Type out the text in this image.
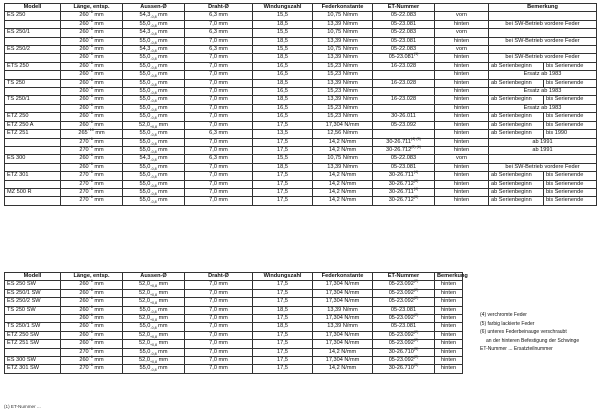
Modell	Länge, entsp.	Aussen-Ø	Draht-Ø	Windungszahl	Federkonstante	ET-Nummer		Bemerkung	
ES 250	$260^{+6}$ mm	$54,3_{-0,8}$ mm	6,3 mm	15,5	10,75 N/mm	05-22.083	vorn		
	$260^{+6}$ mm	$55,0_{-0,8}$ mm	7,0 mm	18,5	13,39 N/mm	05-23.081	hinten	bei SW-Betrieb vordere Feder	
ES 250/1	$260^{+6}$ mm	$54,3_{-0,8}$ mm	6,3 mm	15,5	10,75 N/mm	05-22.083	vorn		
	$260^{+6}$ mm	$55,0_{-0,8}$ mm	7,0 mm	18,5	13,39 N/mm	05-23.081	hinten	bei SW-Betrieb vordere Feder	
ES 250/2	$260^{+6}$ mm	$54,3_{-0,8}$ mm	6,3 mm	15,5	10,75 N/mm	05-22.083	vorn		
	$260^{+6}$ mm	$55,0_{-0,8}$ mm	7,0 mm	18,5	13,39 N/mm	05-23.081$^{(1)}$	hinten	bei SW-Betrieb vordere Feder	
ETS 250	$260^{+6}$ mm	$55,0_{-0,8}$ mm	7,0 mm	16,5	15,23 N/mm	16-23.028	hinten	ab Serienbeginn	bis Serienende
	$260^{+6}$ mm	$55,0_{-0,8}$ mm	7,0 mm	16,5	15,23 N/mm		hinten	Ersatz ab 1983	
TS 250	$260^{+6}$ mm	$55,0_{-0,8}$ mm	7,0 mm	18,5	13,39 N/mm	16-23.028	hinten	ab Serienbeginn	bis Serienende
	$260^{+6}$ mm	$55,0_{-0,8}$ mm	7,0 mm	16,5	15,23 N/mm		hinten	Ersatz ab 1983	
TS 250/1	$260^{+6}$ mm	$55,0_{-0,8}$ mm	7,0 mm	18,5	13,39 N/mm	16-23.028	hinten	ab Serienbeginn	bis Serienende
	$260^{+6}$ mm	$55,0_{-0,8}$ mm	7,0 mm	16,5	15,23 N/mm		hinten	Ersatz ab 1983	
ETZ 250	$260^{+6}$ mm	$55,0_{-0,8}$ mm	7,0 mm	16,5	15,23 N/mm	30-26.011	hinten	ab Serienbeginn	bis Serienende
ETZ 250 A	$260^{+6}$ mm	$52,0_{+0,8}$ mm	7,0 mm	17,5	17,304 N/mm	05-23.092	hinten	ab Serienbeginn	bis Serienende
ETZ 251	$265^{+10}$ mm	$55,0_{-0,8}$ mm	6,3 mm	13,5	12,56 N/mm		hinten	ab Serienbeginn	bis 1990
	$270^{+6}$ mm	$55,0_{-0,8}$ mm	7,0 mm	17,5	14,2 N/mm	$30-26.711^{(4) (5)}$	hinten	ab 1991	
	$270^{+6}$ mm	$55,0_{-0,8}$ mm	7,0 mm	17,5	14,2 N/mm	$30-26.712^{(5) (6)}$	hinten	ab 1991	
ES 300	$260^{+6}$ mm	$54,3_{-0,8}$ mm	6,3 mm	15,5	10,75 N/mm	05-22.083	vorn		
	$260^{+6}$ mm	$55,0_{-0,8}$ mm	7,0 mm	18,5	13,39 N/mm	05-23.081	hinten	bei SW-Betrieb vordere Feder	
ETZ 301	$270^{+6}$ mm	$55,0_{-0,8}$ mm	7,0 mm	17,5	14,2 N/mm	30-26.711$^{(4)}$	hinten	ab Serienbeginn	bis Serienende
	$270^{+6}$ mm	$55,0_{-0,8}$ mm	7,0 mm	17,5	14,2 N/mm	30-26.712$^{(6)}$	hinten	ab Serienbeginn	bis Serienende
MZ 500 R	$270^{+6}$ mm	$55,0_{-0,8}$ mm	7,0 mm	17,5	14,2 N/mm	30-26.711$^{(4)}$	hinten	ab Serienbeginn	bis Serienende
	$270^{+6}$ mm	$55,0_{-0,8}$ mm	7,0 mm	17,5	14,2 N/mm	30-26.712$^{(6)}$	hinten	ab Serienbeginn	bis Serienende
Modell	Länge, entsp.	Aussen-Ø	Draht-Ø	Windungszahl	Federkonstante	ET-Nummer	Bemerkung
ES 250 SW	$260^{+6}$ mm	$52,0_{+0,8}$ mm	7,0 mm	17,5	17,304 N/mm	05-23.092$^{(2)}$	hinten
ES 250/1 SW	$260^{+6}$ mm	$52,0_{+0,8}$ mm	7,0 mm	17,5	17,304 N/mm	05-23.092$^{(2)}$	hinten
ES 250/2 SW	$260^{+6}$ mm	$52,0_{+0,8}$ mm	7,0 mm	17,5	17,304 N/mm	05-23.092$^{(2)}$	hinten
TS 250 SW	$260^{+6}$ mm	$55,0_{-0,8}$ mm	7,0 mm	18,5	13,39 N/mm	05-23.081	hinten
	$260^{+6}$ mm	$52,0_{+0,8}$ mm	7,0 mm	17,5	17,304 N/mm	05-23.092$^{(2)}$	hinten
TS 250/1 SW	$260^{+6}$ mm	$55,0_{-0,8}$ mm	7,0 mm	18,5	13,39 N/mm	05-23.081	hinten
ETZ 250 SW	$260^{+6}$ mm	$52,0_{+0,8}$ mm	7,0 mm	17,5	17,304 N/mm	05-23.092$^{(2)}$	hinten
ETZ 251 SW	$260^{+6}$ mm	$52,0_{+0,8}$ mm	7,0 mm	17,5	17,304 N/mm	05-23.092$^{(2)}$	hinten
	$270^{+6}$ mm	$55,0_{-0,8}$ mm	7,0 mm	17,5	14,2 N/mm	30-26.710$^{(5)}$	hinten
ES 300 SW	$260^{+6}$ mm	$52,0_{+0,8}$ mm	7,0 mm	17,5	17,304 N/mm	05-23.092$^{(2)}$	hinten
ETZ 301 SW	$270^{+6}$ mm	$55,0_{-0,8}$ mm	7,0 mm	17,5	14,2 N/mm	30-26.710$^{(5)}$	hinten
(4) verchromte Feder
(5) farbig lackierte Feder
(6) unteres Federbeinauge verschraubt
an der hinteren Befestigung der Schwinge
ET-Nummer ... Ersatzteilnummer
(1) ET-Nummer ...
